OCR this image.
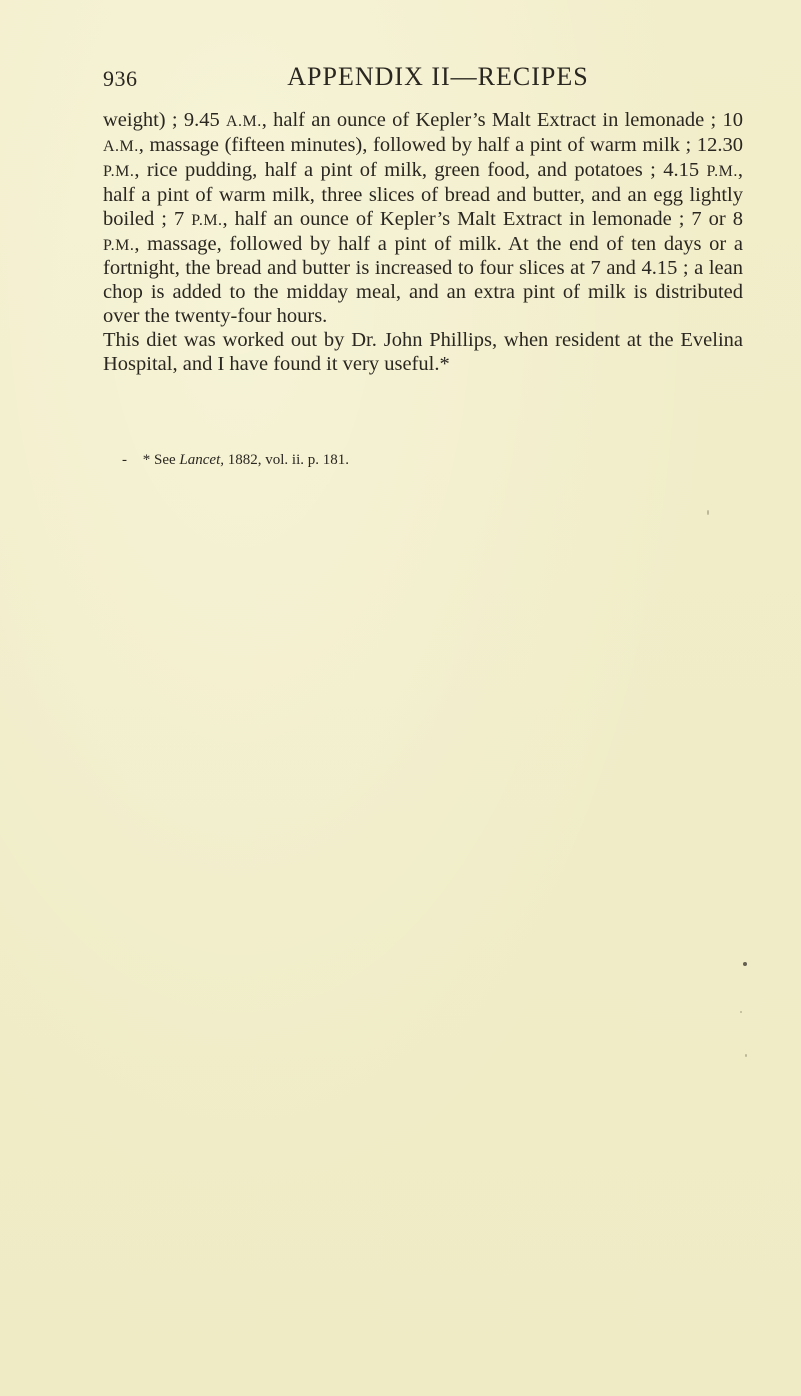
936	APPENDIX II—RECIPES

weight) ; 9.45 A.M., half an ounce of Kepler’s Malt Extract in lemonade ; 10 A.M., massage (fifteen minutes), followed by half a pint of warm milk ; 12.30 P.M., rice pudding, half a pint of milk, green food, and potatoes ; 4.15 P.M., half a pint of warm milk, three slices of bread and butter, and an egg lightly boiled ; 7 P.M., half an ounce of Kepler’s Malt Extract in lemonade ; 7 or 8 P.M., massage, followed by half a pint of milk. At the end of ten days or a fortnight, the bread and butter is increased to four slices at 7 and 4.15 ; a lean chop is added to the midday meal, and an extra pint of milk is distributed over the twenty-four hours.

This diet was worked out by Dr. John Phillips, when resident at the Evelina Hospital, and I have found it very useful.*

- * See Lancet, 1882, vol. ii. p. 181.
